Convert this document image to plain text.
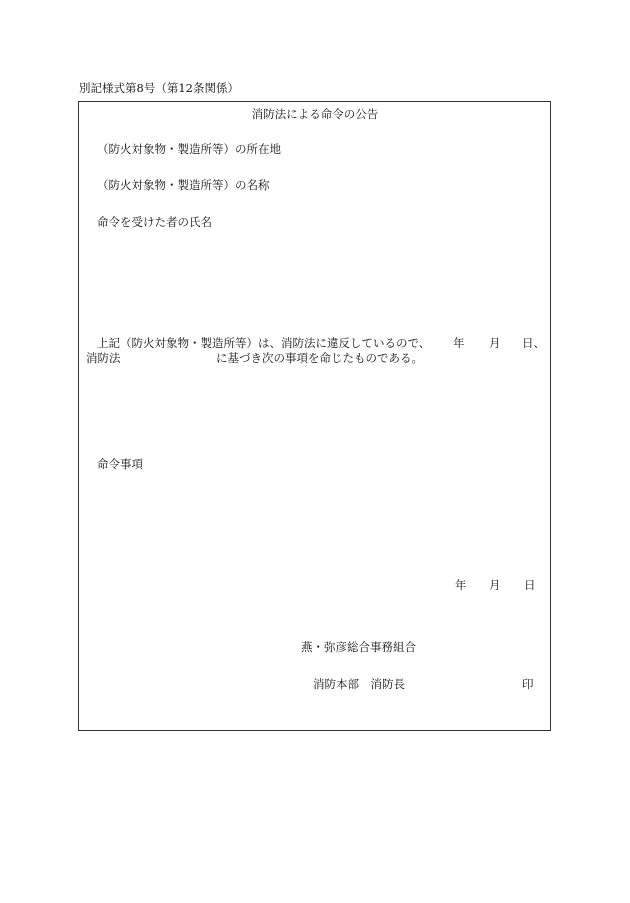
別記様式第8号（第12条関係）
消防法による命令の公告
（防火対象物・製造所等）の所在地
（防火対象物・製造所等）の名称
命令を受けた者の氏名
上記（防火対象物・製造所等）は、消防法に違反しているので、 年 月 日、
消防法	に基づき次の事項を命じたものである。
命令事項
年 月 日
燕・弥彦総合事務組合
消防本部　消防長	印
